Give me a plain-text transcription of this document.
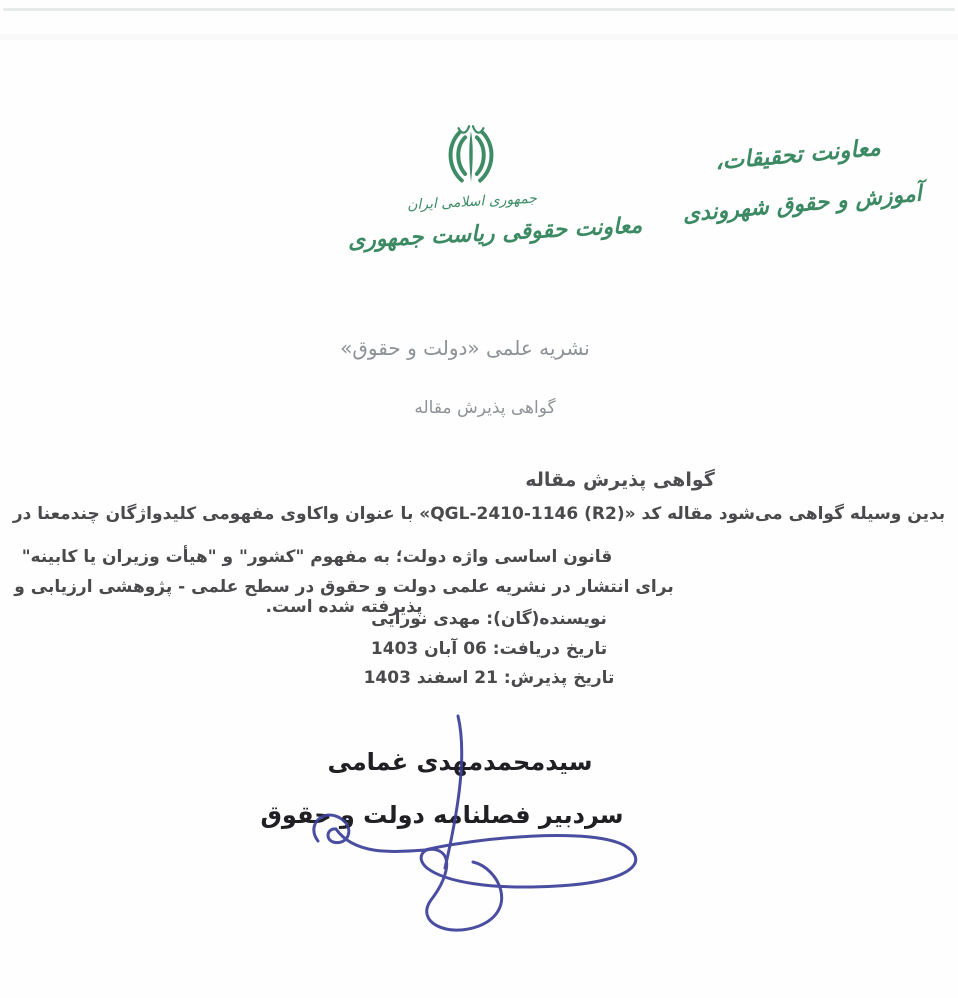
جمهوری اسلامی ایران
معاونت حقوقی ریاست جمهوری
معاونت تحقیقات،
آموزش و حقوق شهروندی
نشریه علمی «دولت و حقوق»
گواهی پذیرش مقاله
گواهی پذیرش مقاله
بدین وسیله گواهی می‌شود مقاله کد «⁦QGL-2410-1146 (R2)⁩» با عنوان واکاوی مفهومی کلیدواژگان چندمعنا در
قانون اساسی واژه دولت؛ به مفهوم "کشور" و "هیأت وزیران یا کابینه"
برای انتشار در نشریه علمی دولت و حقوق در سطح علمی - پژوهشی ارزیابی و پذیرفته شده است.
نویسنده(گان): مهدی نورایی
تاریخ دریافت: 06 آبان 1403
تاریخ پذیرش: 21 اسفند 1403
سیدمحمدمهدی غمامی
سردبیر فصلنامه دولت و حقوق
